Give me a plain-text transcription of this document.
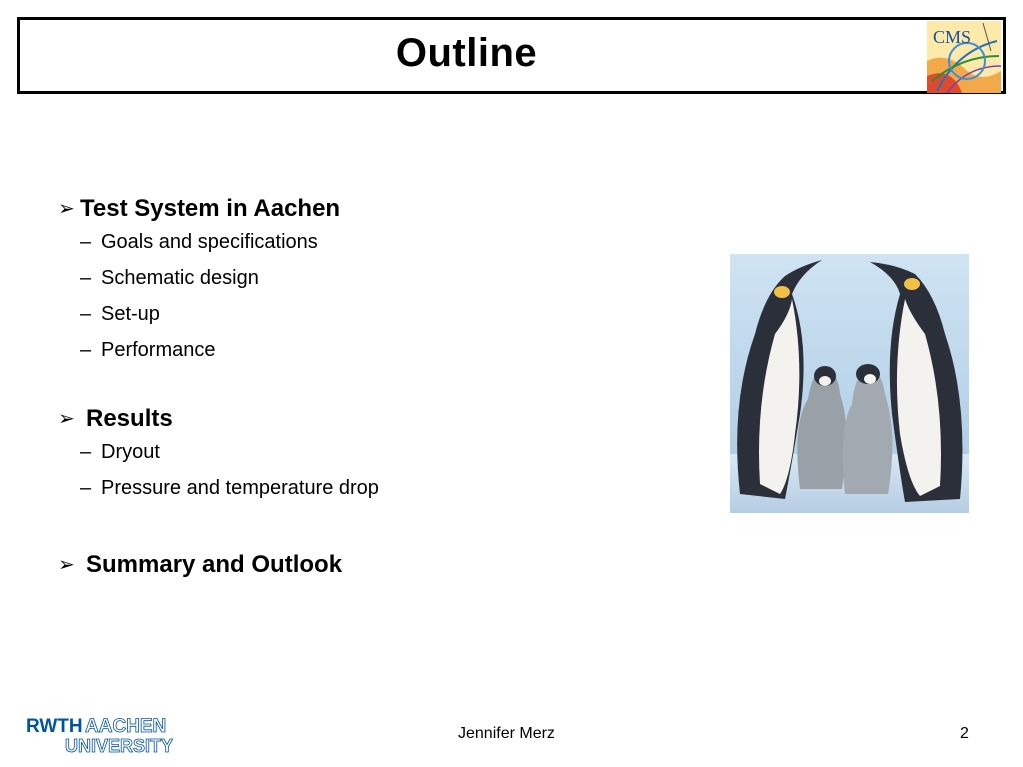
Outline	CMS
➢ Test System in Aachen
– Goals and specifications
– Schematic design
– Set-up
– Performance
➢ Results
– Dryout
– Pressure and temperature drop
➢ Summary and Outlook
RWTH AACHEN
UNIVERSITY
Jennifer Merz	2
